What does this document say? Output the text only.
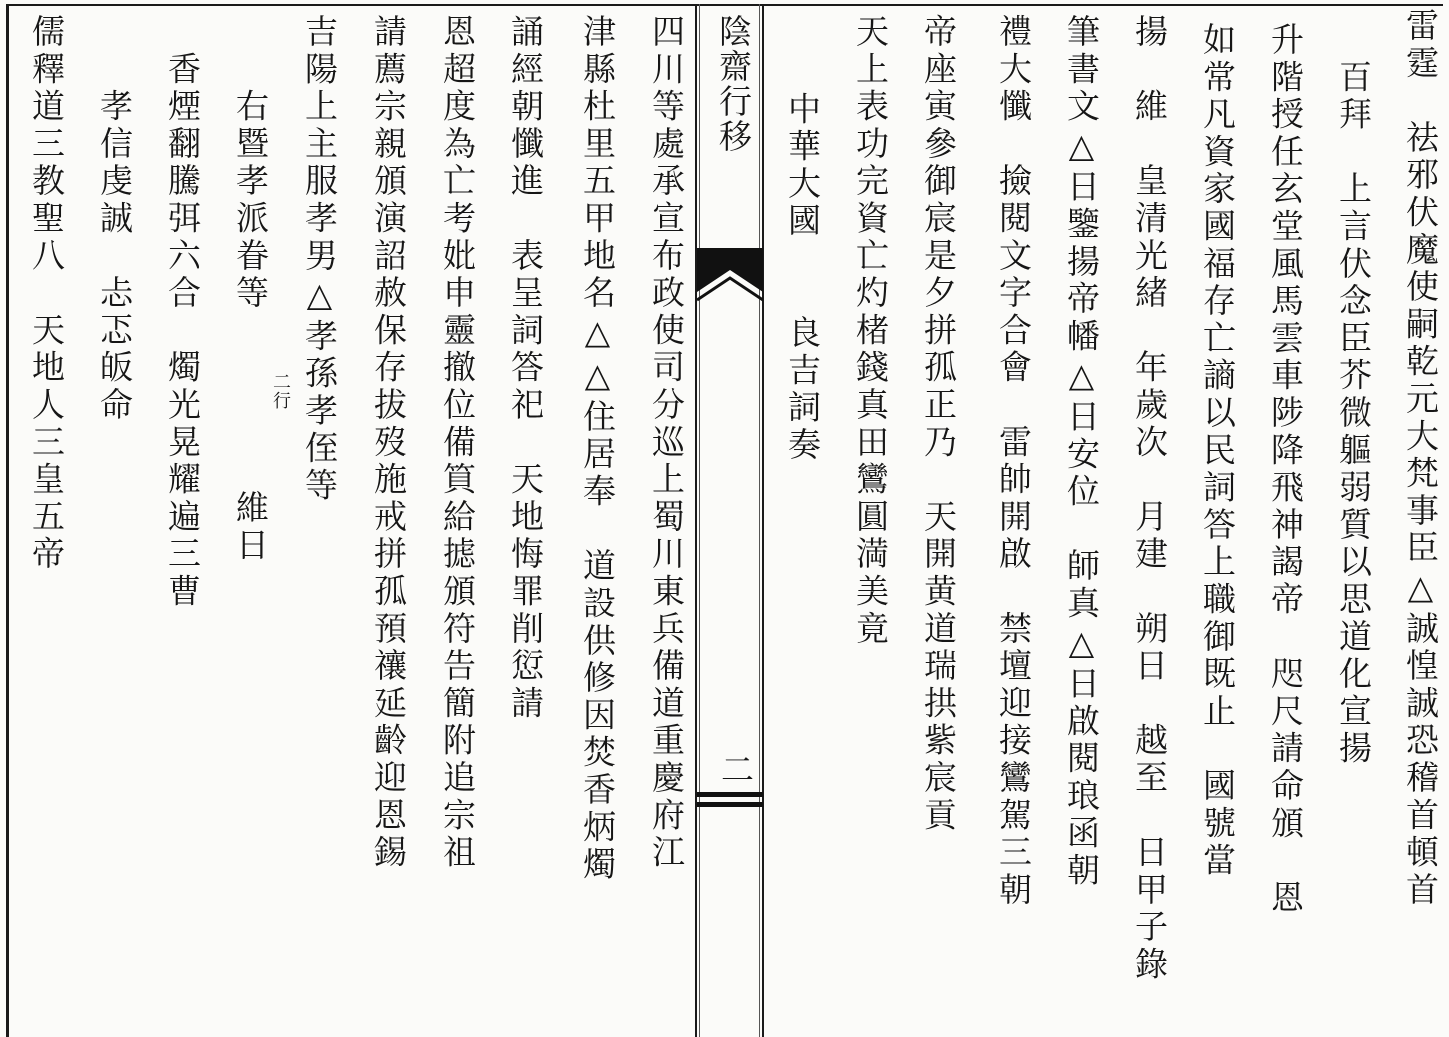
陰齋行移
二	雷霆　祛邪伏魔使嗣乾元大梵事臣△誠惶誠恐稽首頓首
　百拜　上言伏念臣芥微軀弱質以思道化宣揚
升階授任玄堂風馬雲車陟降飛神謁帝　咫尺請命頒　恩
如常凡資家國福存亡謪以民詞答上職御既止　國號當
揚　維　皇清光緒　年歲次　月建　朔日　越至　日甲子錄
筆書文△日鑒揚帝幡△日安位　師真△日啟閱琅函朝
禮大懺　撿閱文字合會　雷帥開啟　禁壇迎接鸞駕三朝
帝座寅參御宸是夕拼孤正乃　天開黄道瑞拱紫宸貢
天上表功完資亡灼楮錢真田鸞圓満美竟
　中華大國　　良吉詞奏
四川等處承宣布政使司分巡上蜀川東兵備道重慶府江
津縣杜里五甲地名△△住居奉　道設供修因焚香炳燭
誦經朝懺進　表呈詞答祀　天地悔罪削愆請
恩超度為亡考妣申靈撤位備筫給摅頒符告簡附追宗祖
請薦宗親頒演詔赦保存拔歿施戒拼孤預禳延齡迎恩錫
吉陽上主服孝男△孝孫孝侄等
　　右暨孝派眷等
二行
維日
　香煙翻騰弭六合　燭光晃耀遍三曹
　　孝信虔誠　忐忑皈命
儒釋道三教聖八　天地人三皇五帝
